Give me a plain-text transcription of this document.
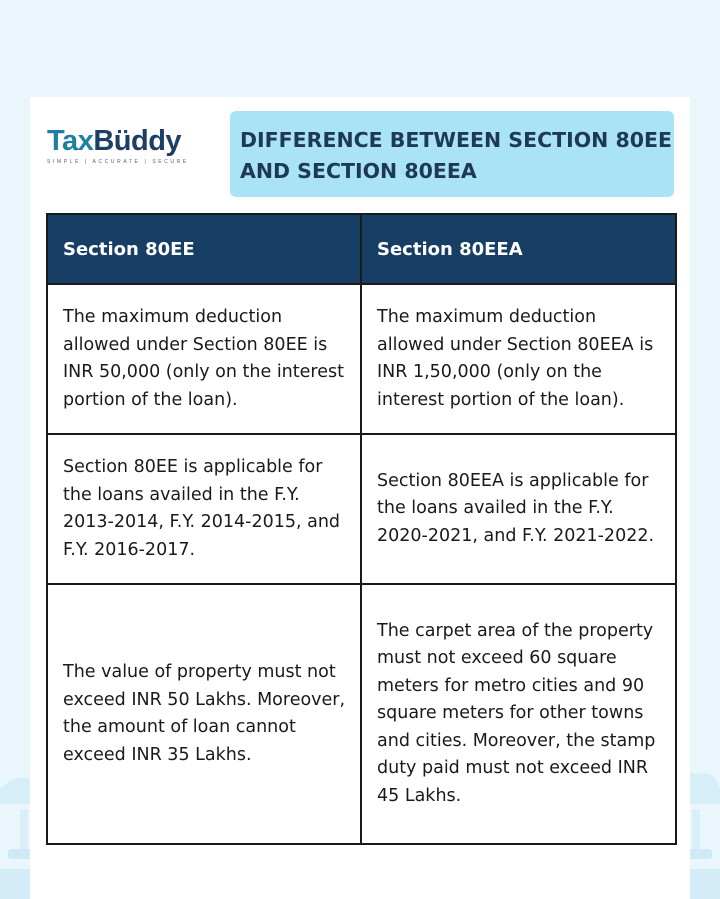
TaxBüddy
SIMPLE | ACCURATE | SECURE
DIFFERENCE BETWEEN SECTION 80EE
AND SECTION 80EEA
Section 80EE	Section 80EEA

The maximum deduction allowed under Section 80EE is INR 50,000 (only on the interest portion of the loan).	The maximum deduction allowed under Section 80EEA is INR 1,50,000 (only on the interest portion of the loan).

Section 80EE is applicable for the loans availed in the F.Y. 2013-2014, F.Y. 2014-2015, and F.Y. 2016-2017.	Section 80EEA is applicable for the loans availed in the F.Y. 2020-2021, and F.Y. 2021-2022.

The value of property must not exceed INR 50 Lakhs. Moreover, the amount of loan cannot exceed INR 35 Lakhs.	The carpet area of the property must not exceed 60 square meters for metro cities and 90 square meters for other towns and cities. Moreover, the stamp duty paid must not exceed INR 45 Lakhs.
